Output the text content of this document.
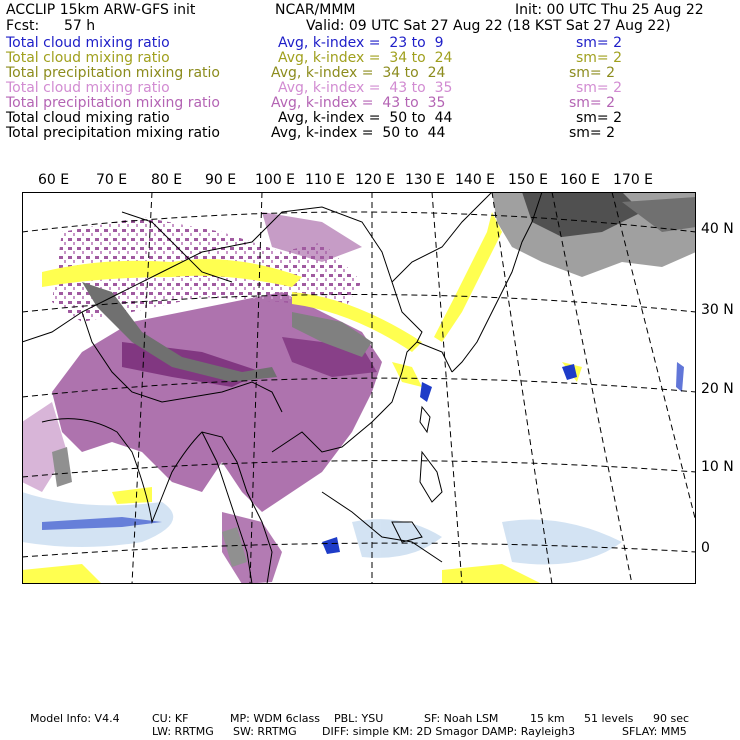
ACCLIP 15km ARW-GFS init	NCAR/MMM	Init: 00 UTC Thu 25 Aug 22
Fcst: 57 h	Valid: 09 UTC Sat 27 Aug 22 (18 KST Sat 27 Aug 22)
Total cloud mixing ratio	Avg, k-index =  23 to  9	sm= 2
Total cloud mixing ratio	Avg, k-index =  34 to  24	sm= 2
Total precipitation mixing ratio	Avg, k-index =  34 to  24	sm= 2
Total cloud mixing ratio	Avg, k-index =  43 to  35	sm= 2
Total precipitation mixing ratio	Avg, k-index =  43 to  35	sm= 2
Total cloud mixing ratio	Avg, k-index =  50 to  44	sm= 2
Total precipitation mixing ratio	Avg, k-index =  50 to  44	sm= 2
60 E 70 E 80 E 90 E 100 E 110 E 120 E 130 E 140 E 150 E 160 E 170 E
40 N
30 N
20 N
10 N
0
Model Info: V4.4	CU: KF	MP: WDM 6class PBL: YSU	SF: Noah LSM	15 km 51 levels 90 sec
LW: RRTMG SW: RRTMG DIFF: simple KM: 2D Smagor DAMP: Rayleigh3	SFLAY: MM5
